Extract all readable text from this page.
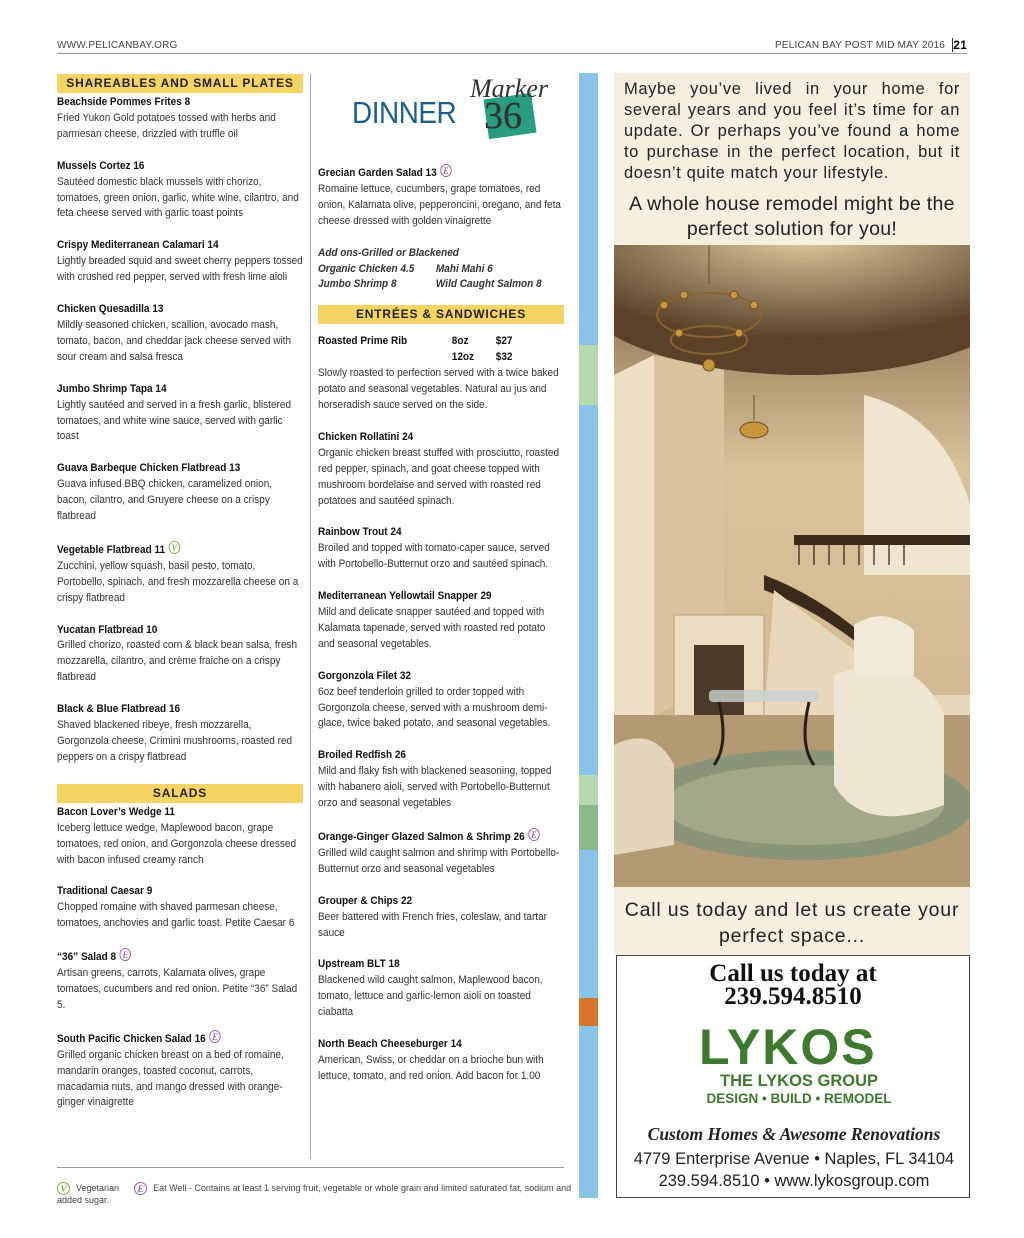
WWW.PELICANBAY.ORG	PELICAN BAY POST MID MAY 2016 21
SHAREABLES AND SMALL PLATES
Beachside Pommes Frites 8
Fried Yukon Gold potatoes tossed with herbs and parmesan cheese, drizzled with truffle oil
Mussels Cortez 16
Sautéed domestic black mussels with chorizo, tomatoes, green onion, garlic, white wine, cilantro, and feta cheese served with garlic toast points
Crispy Mediterranean Calamari 14
Lightly breaded squid and sweet cherry peppers tossed with crushed red pepper, served with fresh lime aioli
Chicken Quesadilla 13
Mildly seasoned chicken, scallion, avocado mash, tomato, bacon, and cheddar jack cheese served with sour cream and salsa fresca
Jumbo Shrimp Tapa 14
Lightly sautéed and served in a fresh garlic, blistered tomatoes, and white wine sauce, served with garlic toast
Guava Barbeque Chicken Flatbread 13
Guava infused BBQ chicken, caramelized onion, bacon, cilantro, and Gruyere cheese on a crispy flatbread
Vegetable Flatbread 11 V
Zucchini, yellow squash, basil pesto, tomato, Portobello, spinach, and fresh mozzarella cheese on a crispy flatbread
Yucatan Flatbread 10
Grilled chorizo, roasted corn & black bean salsa, fresh mozzarella, cilantro, and crème fraiche on a crispy flatbread
Black & Blue Flatbread 16
Shaved blackened ribeye, fresh mozzarella, Gorgonzola cheese, Crimini mushrooms, roasted red peppers on a crispy flatbread
SALADS
Bacon Lover’s Wedge 11
Iceberg lettuce wedge, Maplewood bacon, grape tomatoes, red onion, and Gorgonzola cheese dressed with bacon infused creamy ranch
Traditional Caesar 9
Chopped romaine with shaved parmesan cheese, tomatoes, anchovies and garlic toast. Petite Caesar 6
“36” Salad 8 E
Artisan greens, carrots, Kalamata olives, grape tomatoes, cucumbers and red onion. Petite “36” Salad 5.
South Pacific Chicken Salad 16 E
Grilled organic chicken breast on a bed of romaine, mandarin oranges, toasted coconut, carrots, macadamia nuts, and mango dressed with orange-ginger vinaigrette
DINNER 36
Marker
Grecian Garden Salad 13 E
Romaine lettuce, cucumbers, grape tomatoes, red onion, Kalamata olive, pepperoncini, oregano, and feta cheese dressed with golden vinaigrette
Add ons-Grilled or Blackened
Organic Chicken 4.5 Mahi Mahi 6
Jumbo Shrimp 8	Wild Caught Salmon 8
ENTRÉES & SANDWICHES
Roasted Prime Rib	8oz $27
12oz $32
Slowly roasted to perfection served with a twice baked potato and seasonal vegetables. Natural au jus and horseradish sauce served on the side.
Chicken Rollatini 24
Organic chicken breast stuffed with prosciutto, roasted red pepper, spinach, and goat cheese topped with mushroom bordelaise and served with roasted red potatoes and sautéed spinach.
Rainbow Trout 24
Broiled and topped with tomato-caper sauce, served with Portobello-Butternut orzo and sautéed spinach.
Mediterranean Yellowtail Snapper 29
Mild and delicate snapper sautéed and topped with Kalamata tapenade, served with roasted red potato and seasonal vegetables.
Gorgonzola Filet 32
6oz beef tenderloin grilled to order topped with Gorgonzola cheese, served with a mushroom demi-glace, twice baked potato, and seasonal vegetables.
Broiled Redfish 26
Mild and flaky fish with blackened seasoning, topped with habanero aioli, served with Portobello-Butternut orzo and seasonal vegetables
Orange-Ginger Glazed Salmon & Shrimp 26 E
Grilled wild caught salmon and shrimp with Portobello-Butternut orzo and seasonal vegetables
Grouper & Chips 22
Beer battered with French fries, coleslaw, and tartar sauce
Upstream BLT 18
Blackened wild caught salmon, Maplewood bacon, tomato, lettuce and garlic-lemon aioli on toasted ciabatta
North Beach Cheeseburger 14
American, Swiss, or cheddar on a brioche bun with lettuce, tomato, and red onion. Add bacon for 1.00
V Vegetarian E Eat Well - Contains at least 1 serving fruit, vegetable or whole grain and limited saturated fat, sodium and added sugar.
Maybe you’ve lived in your home for several years and you feel it’s time for an update. Or perhaps you’ve found a home to purchase in the perfect location, but it doesn’t quite match your lifestyle.
A whole house remodel might be the perfect solution for you!
Call us today and let us create your perfect space...
Call us today at
239.594.8510
LYKOS
THE LYKOS GROUP
DESIGN • BUILD • REMODEL
Custom Homes & Awesome Renovations
4779 Enterprise Avenue • Naples, FL 34104
239.594.8510 • www.lykosgroup.com
